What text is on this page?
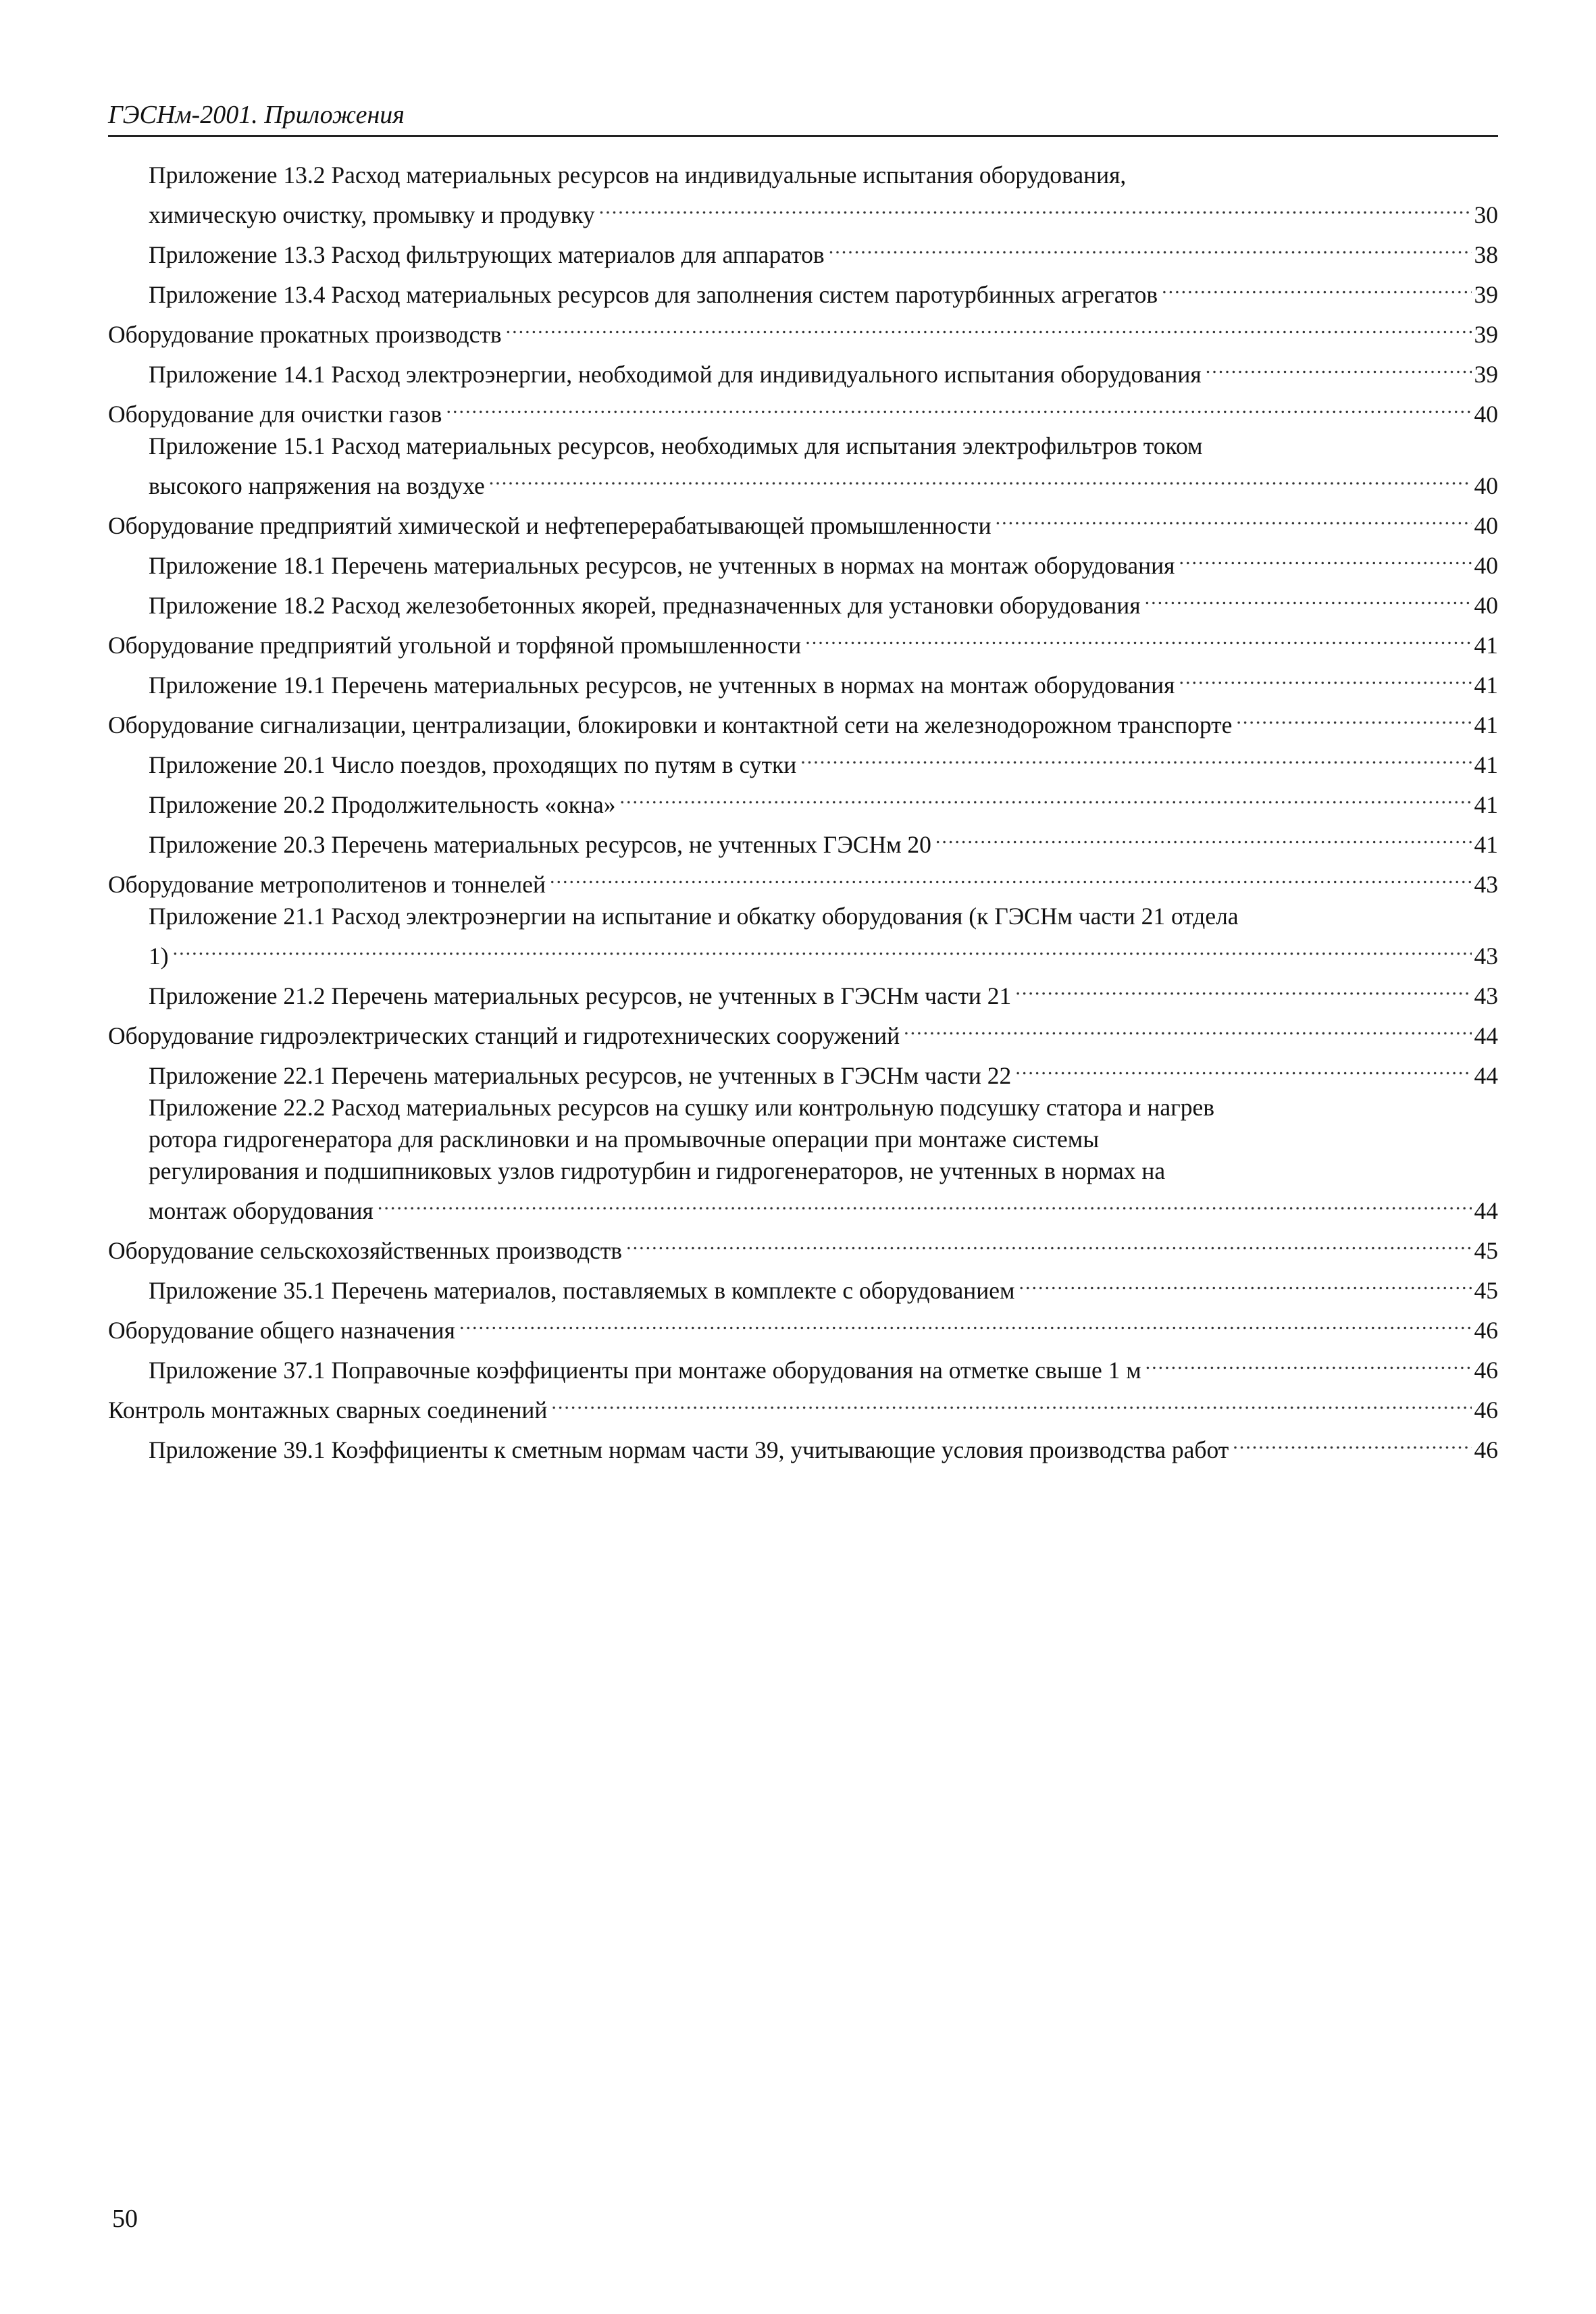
ГЭСНм-2001. Приложения
Приложение 13.2 Расход материальных ресурсов на индивидуальные испытания оборудования,
химическую очистку, промывку и продувку .....	30
Приложение 13.3 Расход фильтрующих материалов для аппаратов .....	38
Приложение 13.4 Расход материальных ресурсов для заполнения систем паротурбинных агрегатов .....	39
Оборудование прокатных производств .....	39
Приложение 14.1 Расход электроэнергии, необходимой для индивидуального испытания оборудования .....	39
Оборудование для очистки газов .....	40
Приложение 15.1 Расход материальных ресурсов, необходимых для испытания электрофильтров током
высокого напряжения на воздухе .....	40
Оборудование предприятий химической и нефтеперерабатывающей промышленности .....	40
Приложение 18.1 Перечень материальных ресурсов, не учтенных в нормах на монтаж оборудования .....	40
Приложение 18.2 Расход железобетонных якорей, предназначенных для установки оборудования .....	40
Оборудование предприятий угольной и торфяной промышленности .....	41
Приложение 19.1 Перечень материальных ресурсов, не учтенных в нормах на монтаж оборудования .....	41
Оборудование сигнализации, централизации, блокировки и контактной сети на железнодорожном транспорте .....	41
Приложение 20.1 Число поездов, проходящих по путям в сутки .....	41
Приложение 20.2 Продолжительность «окна» .....	41
Приложение 20.3 Перечень материальных ресурсов, не учтенных ГЭСНм 20 .....	41
Оборудование метрополитенов и тоннелей .....	43
Приложение 21.1 Расход электроэнергии на испытание и обкатку оборудования (к ГЭСНм части 21 отдела
1) .....	43
Приложение 21.2 Перечень материальных ресурсов, не учтенных в ГЭСНм части 21 .....	43
Оборудование гидроэлектрических станций и гидротехнических сооружений .....	44
Приложение 22.1 Перечень материальных ресурсов, не учтенных в ГЭСНм части 22 .....	44
Приложение 22.2 Расход материальных ресурсов на сушку или контрольную подсушку статора и нагрев
ротора гидрогенератора для расклиновки и на промывочные операции при монтаже системы
регулирования и подшипниковых узлов гидротурбин и гидрогенераторов, не учтенных в нормах на
монтаж оборудования .....	44
Оборудование сельскохозяйственных производств .....	45
Приложение 35.1 Перечень материалов, поставляемых в комплекте с оборудованием .....	45
Оборудование общего назначения .....	46
Приложение 37.1 Поправочные коэффициенты при монтаже оборудования на отметке свыше 1 м .....	46
Контроль монтажных сварных соединений .....	46
Приложение 39.1 Коэффициенты к сметным нормам части 39, учитывающие условия производства работ .....	46
50
